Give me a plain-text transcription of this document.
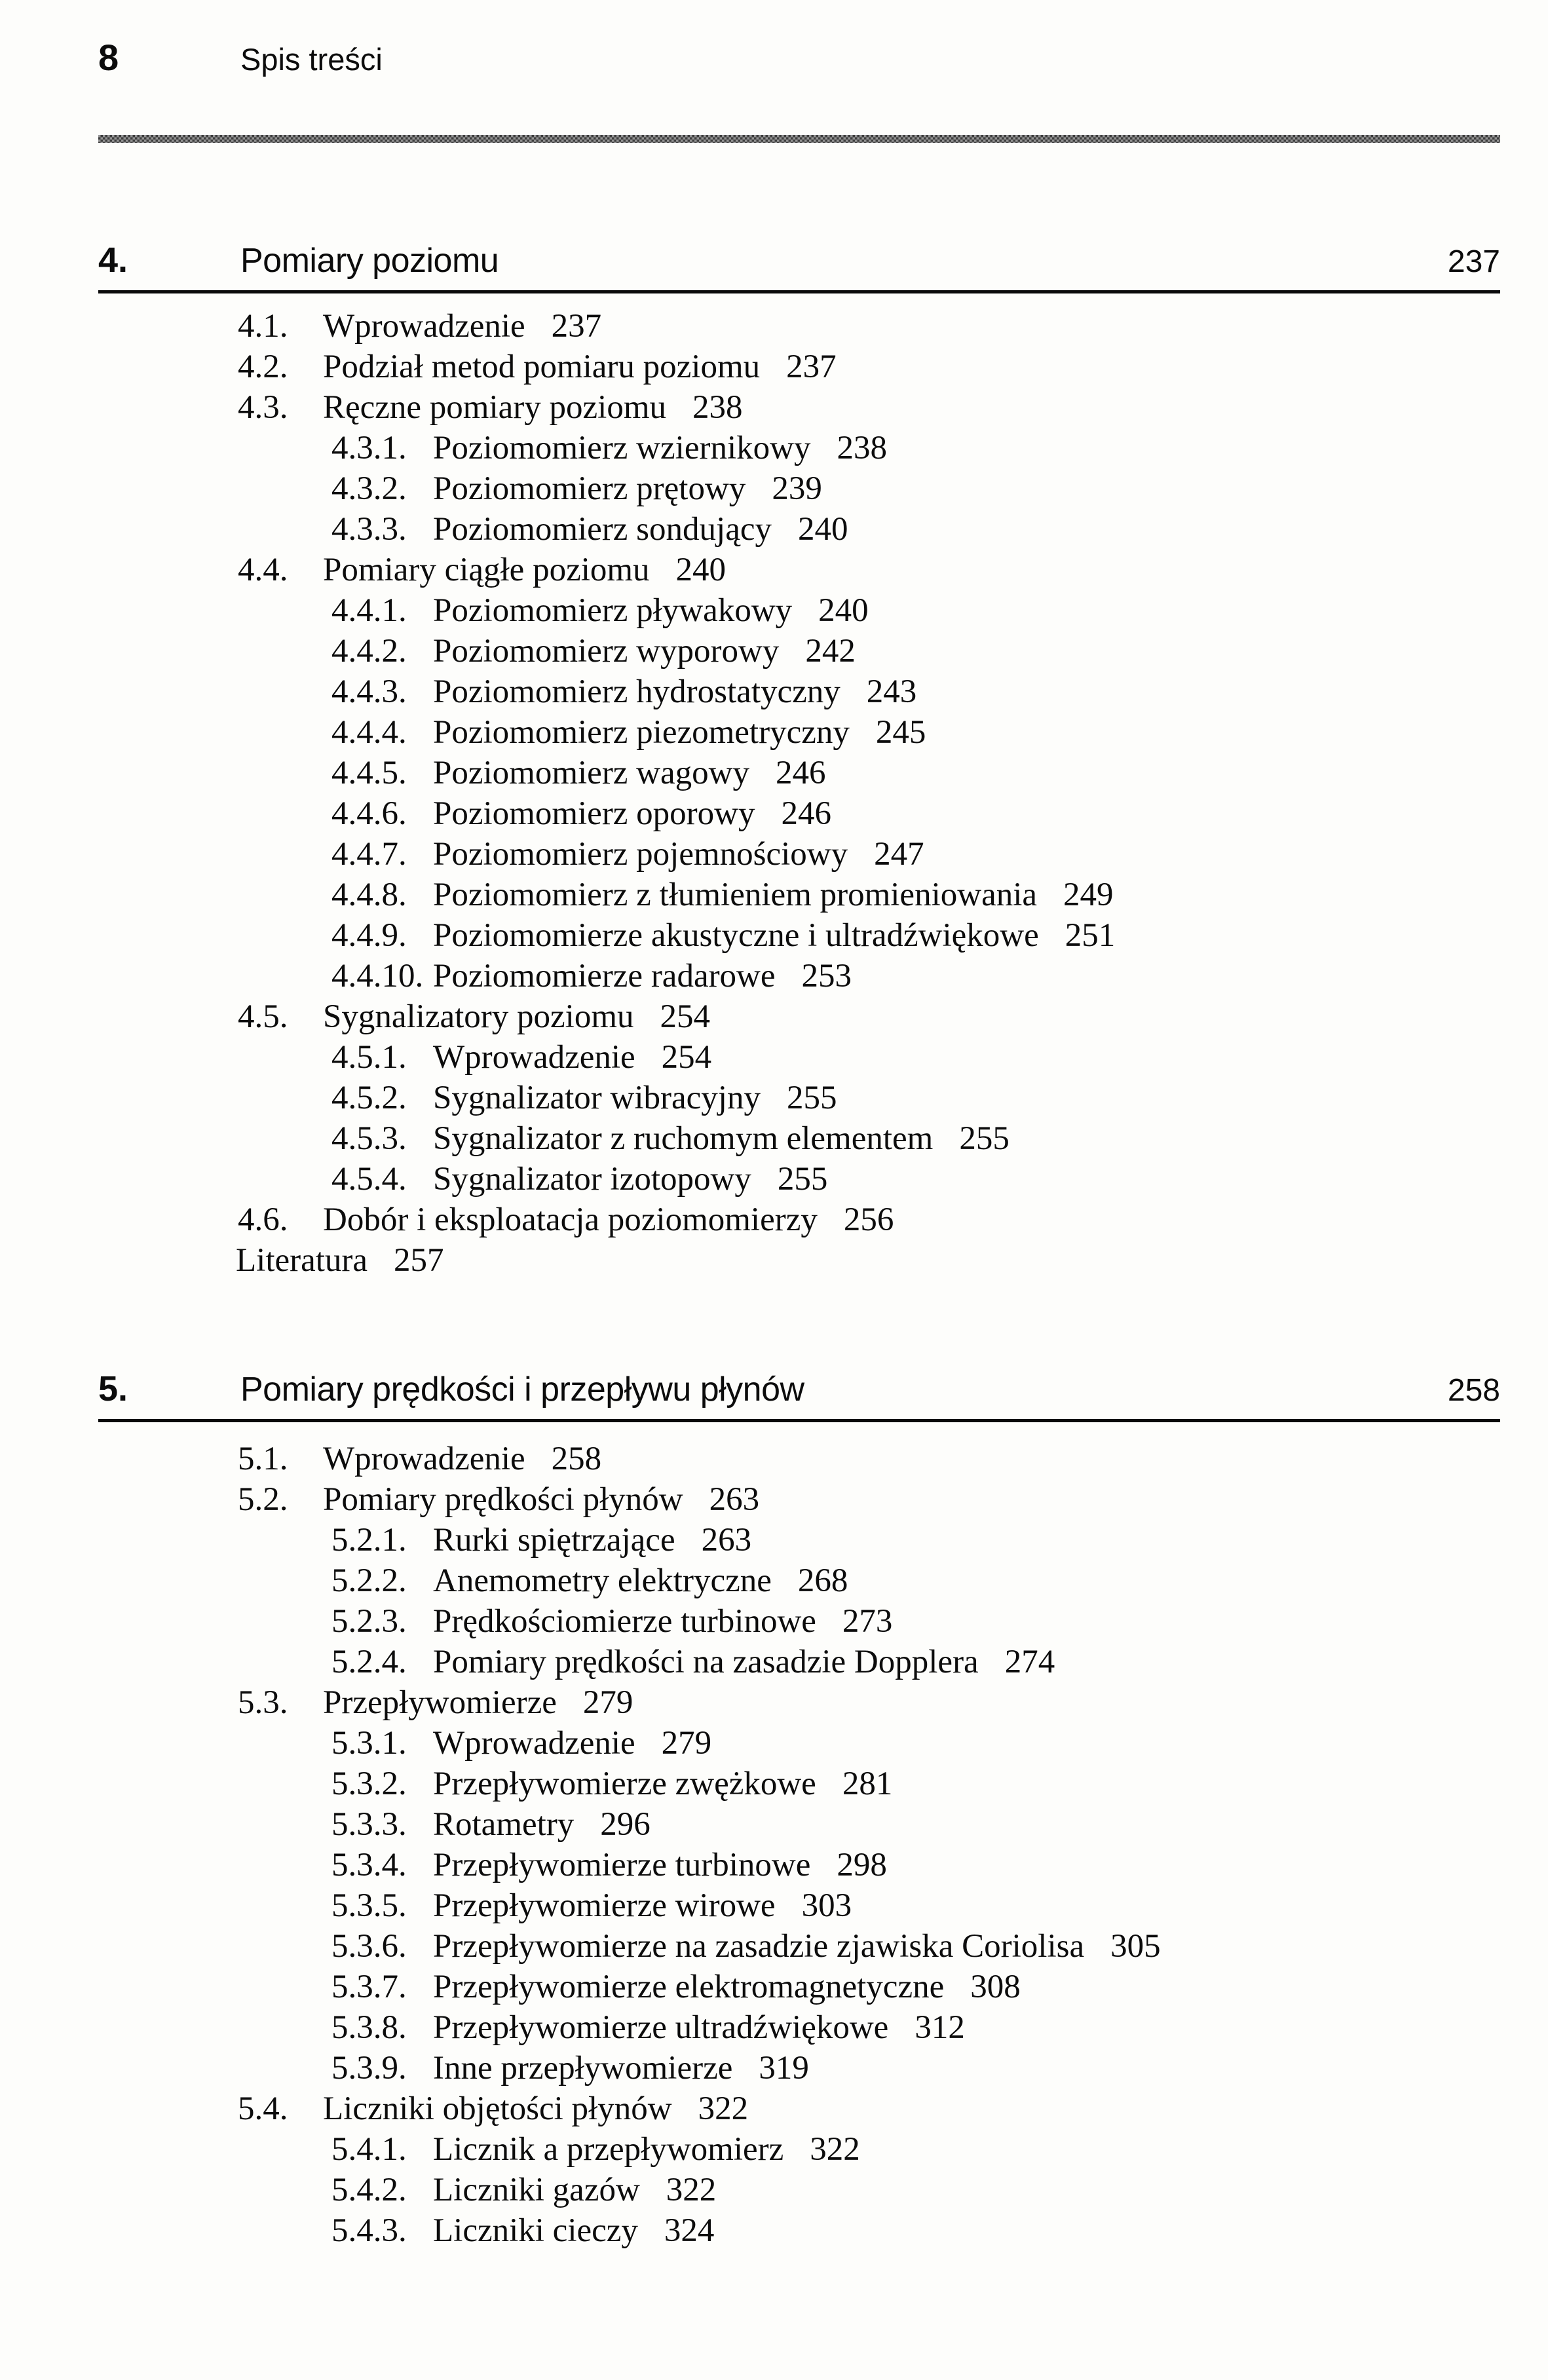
8	Spis treści
4.	Pomiary poziomu	237
4.1.	Wprowadzenie 237
4.2.	Podział metod pomiaru poziomu 237
4.3.	Ręczne pomiary poziomu 238
4.3.1. Poziomomierz wziernikowy 238
4.3.2. Poziomomierz prętowy 239
4.3.3. Poziomomierz sondujący 240
4.4.	Pomiary ciągłe poziomu 240
4.4.1. Poziomomierz pływakowy 240
4.4.2. Poziomomierz wyporowy 242
4.4.3. Poziomomierz hydrostatyczny 243
4.4.4. Poziomomierz piezometryczny 245
4.4.5. Poziomomierz wagowy 246
4.4.6. Poziomomierz oporowy 246
4.4.7. Poziomomierz pojemnościowy 247
4.4.8. Poziomomierz z tłumieniem promieniowania 249
4.4.9. Poziomomierze akustyczne i ultradźwiękowe 251
4.4.10. Poziomomierze radarowe 253
4.5.	Sygnalizatory poziomu 254
4.5.1. Wprowadzenie 254
4.5.2. Sygnalizator wibracyjny 255
4.5.3. Sygnalizator z ruchomym elementem 255
4.5.4. Sygnalizator izotopowy 255
4.6.	Dobór i eksploatacja poziomomierzy 256
Literatura 257
5.	Pomiary prędkości i przepływu płynów	258
5.1.	Wprowadzenie 258
5.2.	Pomiary prędkości płynów 263
5.2.1. Rurki spiętrzające 263
5.2.2. Anemometry elektryczne 268
5.2.3. Prędkościomierze turbinowe 273
5.2.4. Pomiary prędkości na zasadzie Dopplera 274
5.3.	Przepływomierze 279
5.3.1. Wprowadzenie 279
5.3.2. Przepływomierze zwężkowe 281
5.3.3. Rotametry 296
5.3.4. Przepływomierze turbinowe 298
5.3.5. Przepływomierze wirowe 303
5.3.6. Przepływomierze na zasadzie zjawiska Coriolisa 305
5.3.7. Przepływomierze elektromagnetyczne 308
5.3.8. Przepływomierze ultradźwiękowe 312
5.3.9. Inne przepływomierze 319
5.4.	Liczniki objętości płynów 322
5.4.1. Licznik a przepływomierz 322
5.4.2. Liczniki gazów 322
5.4.3. Liczniki cieczy 324
